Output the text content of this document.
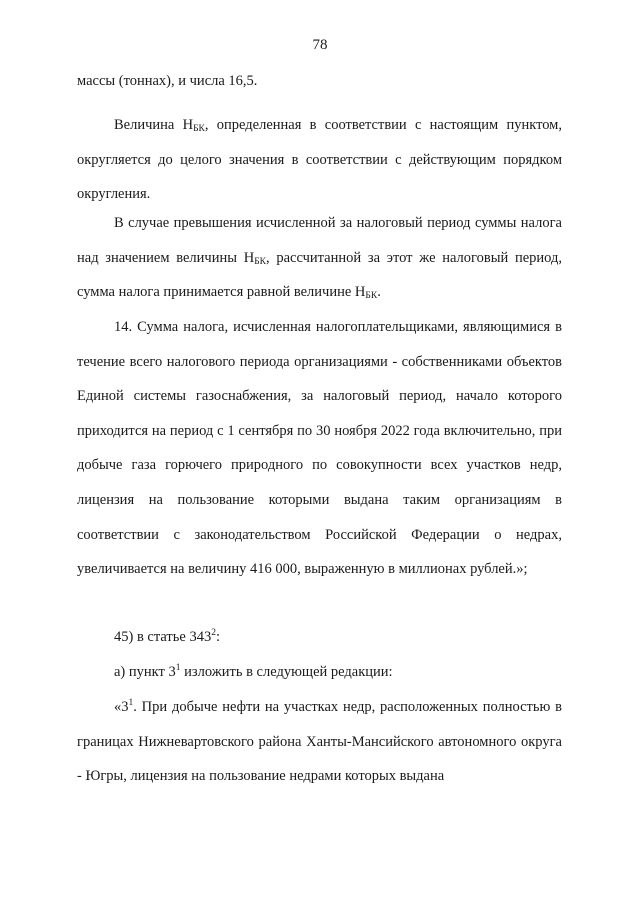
78

массы (тоннах), и числа 16,5.

Величина $Н_{БК}$, определенная в соответствии с настоящим пунктом, округляется до целого значения в соответствии с действующим порядком округления.

В случае превышения исчисленной за налоговый период суммы налога над значением величины $Н_{БК}$, рассчитанной за этот же налоговый период, сумма налога принимается равной величине $Н_{БК}$.

14. Сумма налога, исчисленная налогоплательщиками, являющимися в течение всего налогового периода организациями - собственниками объектов Единой системы газоснабжения, за налоговый период, начало которого приходится на период с 1 сентября по 30 ноября 2022 года включительно, при добыче газа горючего природного по совокупности всех участков недр, лицензия на пользование которыми выдана таким организациям в соответствии с законодательством Российской Федерации о недрах, увеличивается на величину 416 000, выраженную в миллионах рублей.»;

45) в статье $343^2$:

а) пункт $3^1$ изложить в следующей редакции:

«$3^1$. При добыче нефти на участках недр, расположенных полностью в границах Нижневартовского района Ханты-Мансийского автономного округа - Югры, лицензия на пользование недрами которых выдана
